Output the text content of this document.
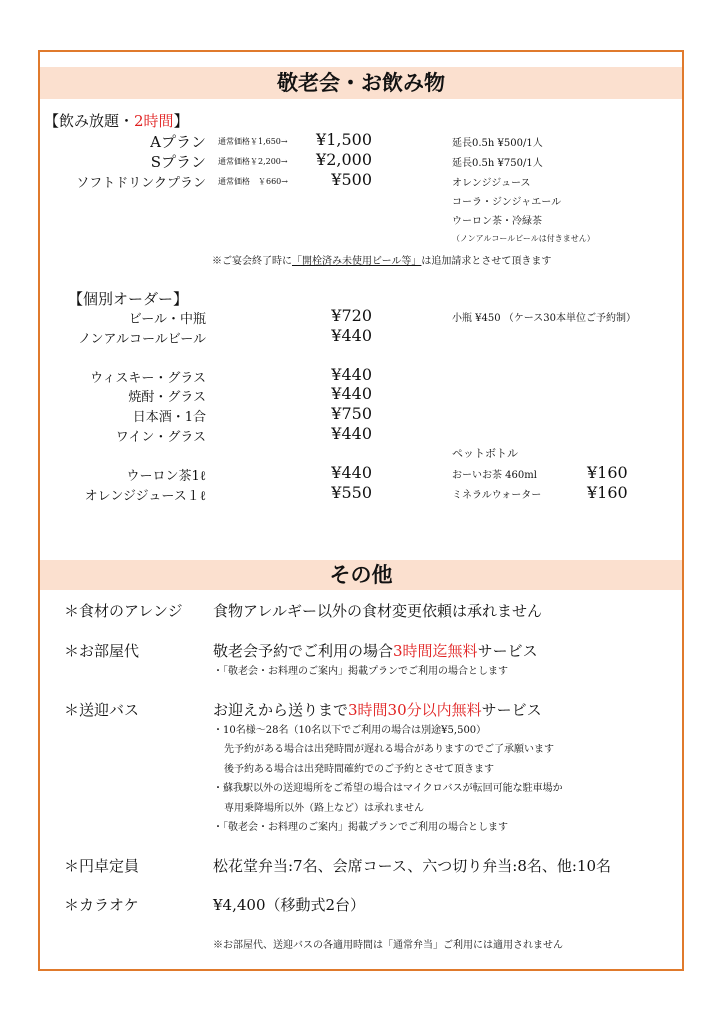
敬老会・お飲み物
【飲み放題・2時間】
Aプラン 通常価格￥1,650→ ¥1,500	延長0.5h ¥500/1人
Sプラン 通常価格￥2,200→ ¥2,000	延長0.5h ¥750/1人
ソフトドリンクプラン 通常価格　￥660→	¥500	オレンジジュース
コーラ・ジンジャエール
ウーロン茶・冷緑茶
（ノンアルコールビールは付きません）
※ご宴会終了時に「開栓済み未使用ビール等」は追加請求とさせて頂きます
【個別オーダー】
ビール・中瓶	¥720	小瓶 ¥450 （ケース30本単位ご予約制）
ノンアルコールビール	¥440
ウィスキー・グラス	¥440
焼酎・グラス	¥440
日本酒・1合	¥750
ワイン・グラス	¥440
ペットボトル
ウーロン茶1ℓ	¥440	おーいお茶 460ml	¥160
オレンジジュース１ℓ	¥550	ミネラルウォーター	¥160
その他
＊食材のアレンジ 食物アレルギー以外の食材変更依頼は承れません
＊お部屋代	敬老会予約でご利用の場合3時間迄無料サービス
・「敬老会・お料理のご案内」掲載プランでご利用の場合とします
＊送迎バス	お迎えから送りまで3時間30分以内無料サービス
・10名様～28名（10名以下でご利用の場合は別途¥5,500）
先予約がある場合は出発時間が遅れる場合がありますのでご了承願います
後予約ある場合は出発時間確約でのご予約とさせて頂きます
・蘇我駅以外の送迎場所をご希望の場合はマイクロバスが転回可能な駐車場か
専用乗降場所以外（路上など）は承れません
・「敬老会・お料理のご案内」掲載プランでご利用の場合とします
＊円卓定員	松花堂弁当:7名、会席コース、六つ切り弁当:8名、他:10名
＊カラオケ	¥4,400（移動式2台）
※お部屋代、送迎バスの各適用時間は「通常弁当」ご利用には適用されません
